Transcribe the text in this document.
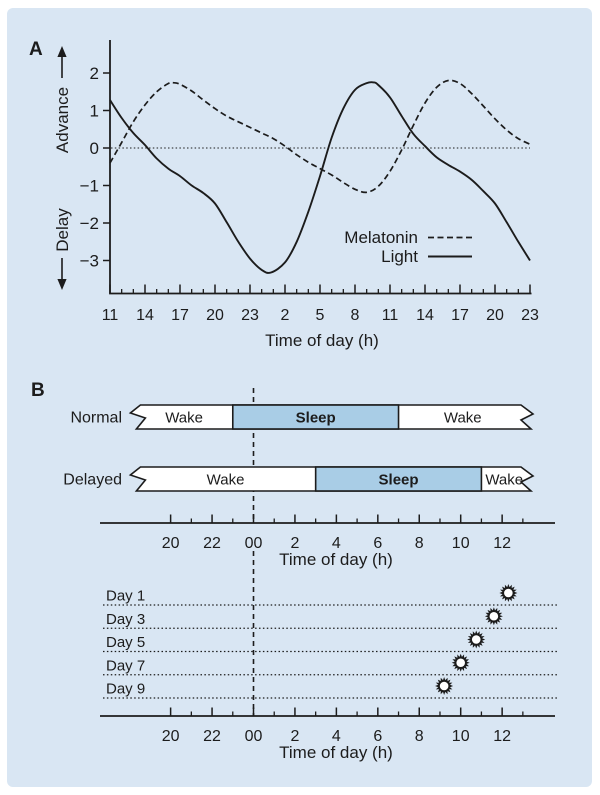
A
Advance
Delay
2
1
0
−1
−2
−3
11 14 17 20 23 2 5 8 11 14 17 20 23
Melatonin
Light
Time of day (h)
B
Wake	Sleep	Wake
Normal
Wake	Sleep	Wake
Delayed
20 22 00 2 4 6 8 10 12
Time of day (h)
Day 1
Day 3
Day 5
Day 7
Day 9
20 22 00 2 4 6 8 10 12
Time of day (h)
